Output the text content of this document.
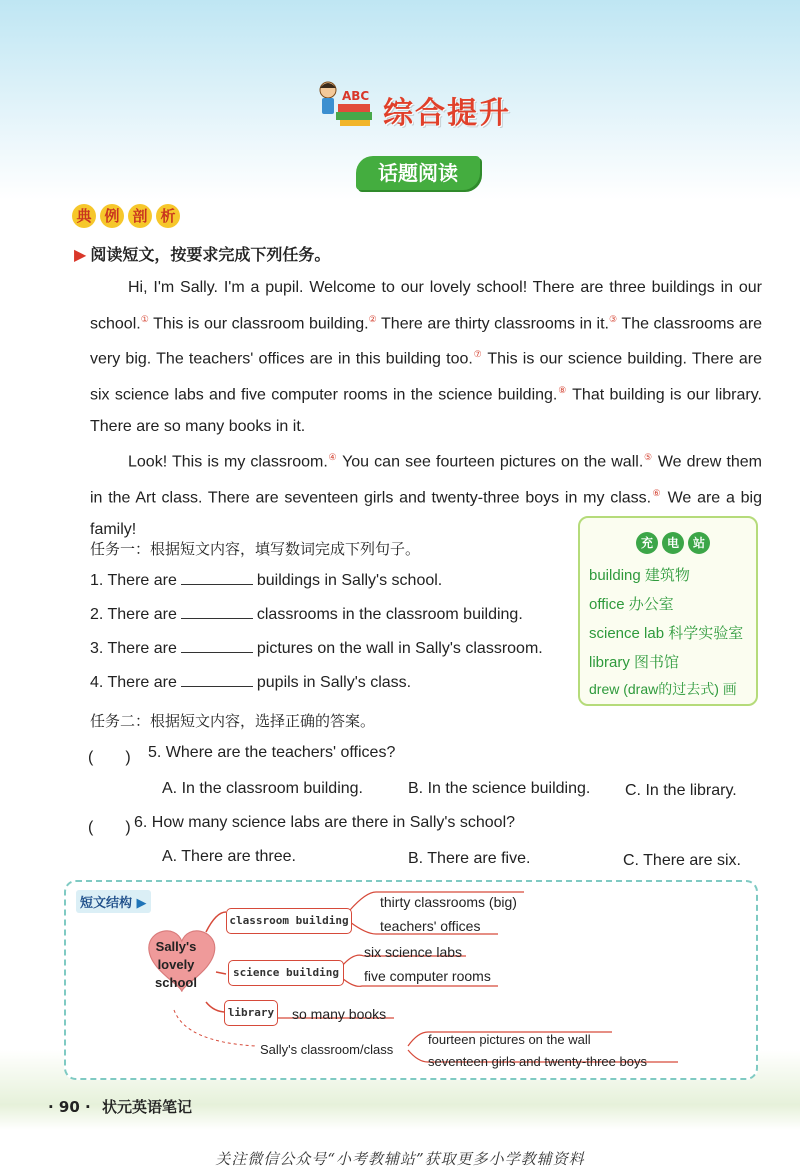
ABC 综合提升
话题阅读
典 例 剖 析
▶ 阅读短文，按要求完成下列任务。

Hi, I'm Sally. I'm a pupil. Welcome to our lovely school! There are three buildings in our school.① This is our classroom building.② There are thirty classrooms in it.③ The classrooms are very big. The teachers' offices are in this building too.⑦ This is our science building. There are six science labs and five computer rooms in the science building.⑧ That building is our library. There are so many books in it.

Look! This is my classroom.④ You can see fourteen pictures on the wall.⑤ We drew them in the Art class. There are seventeen girls and twenty-three boys in my class.⑥ We are a big family!

任务一：根据短文内容，填写数词完成下列句子。
1. There are	buildings in Sally's school.
2. There are	classrooms in the classroom building.
3. There are	pictures on the wall in Sally's classroom.
4. There are	pupils in Sally's class.
充	电	站
building 建筑物
office 办公室
science lab 科学实验室
library 图书馆
drew (draw的过去式) 画
任务二：根据短文内容，选择正确的答案。
(　　) 5. Where are the teachers' offices?
A. In the classroom building.	B. In the science building. C. In the library.
(　　) 6. How many science labs are there in Sally's school?
A. There are three.	B. There are five.	C. There are six.
短文结构 ▶
Sally's
lovely
school
classroom building
thirty classrooms (big)
teachers' offices
science building
six science labs
five computer rooms
library so many books
Sally's classroom/class
fourteen pictures on the wall
seventeen girls and twenty-three boys
· 90 · 状元英语笔记
关注微信公众号“小考教辅站”获取更多小学教辅资料
